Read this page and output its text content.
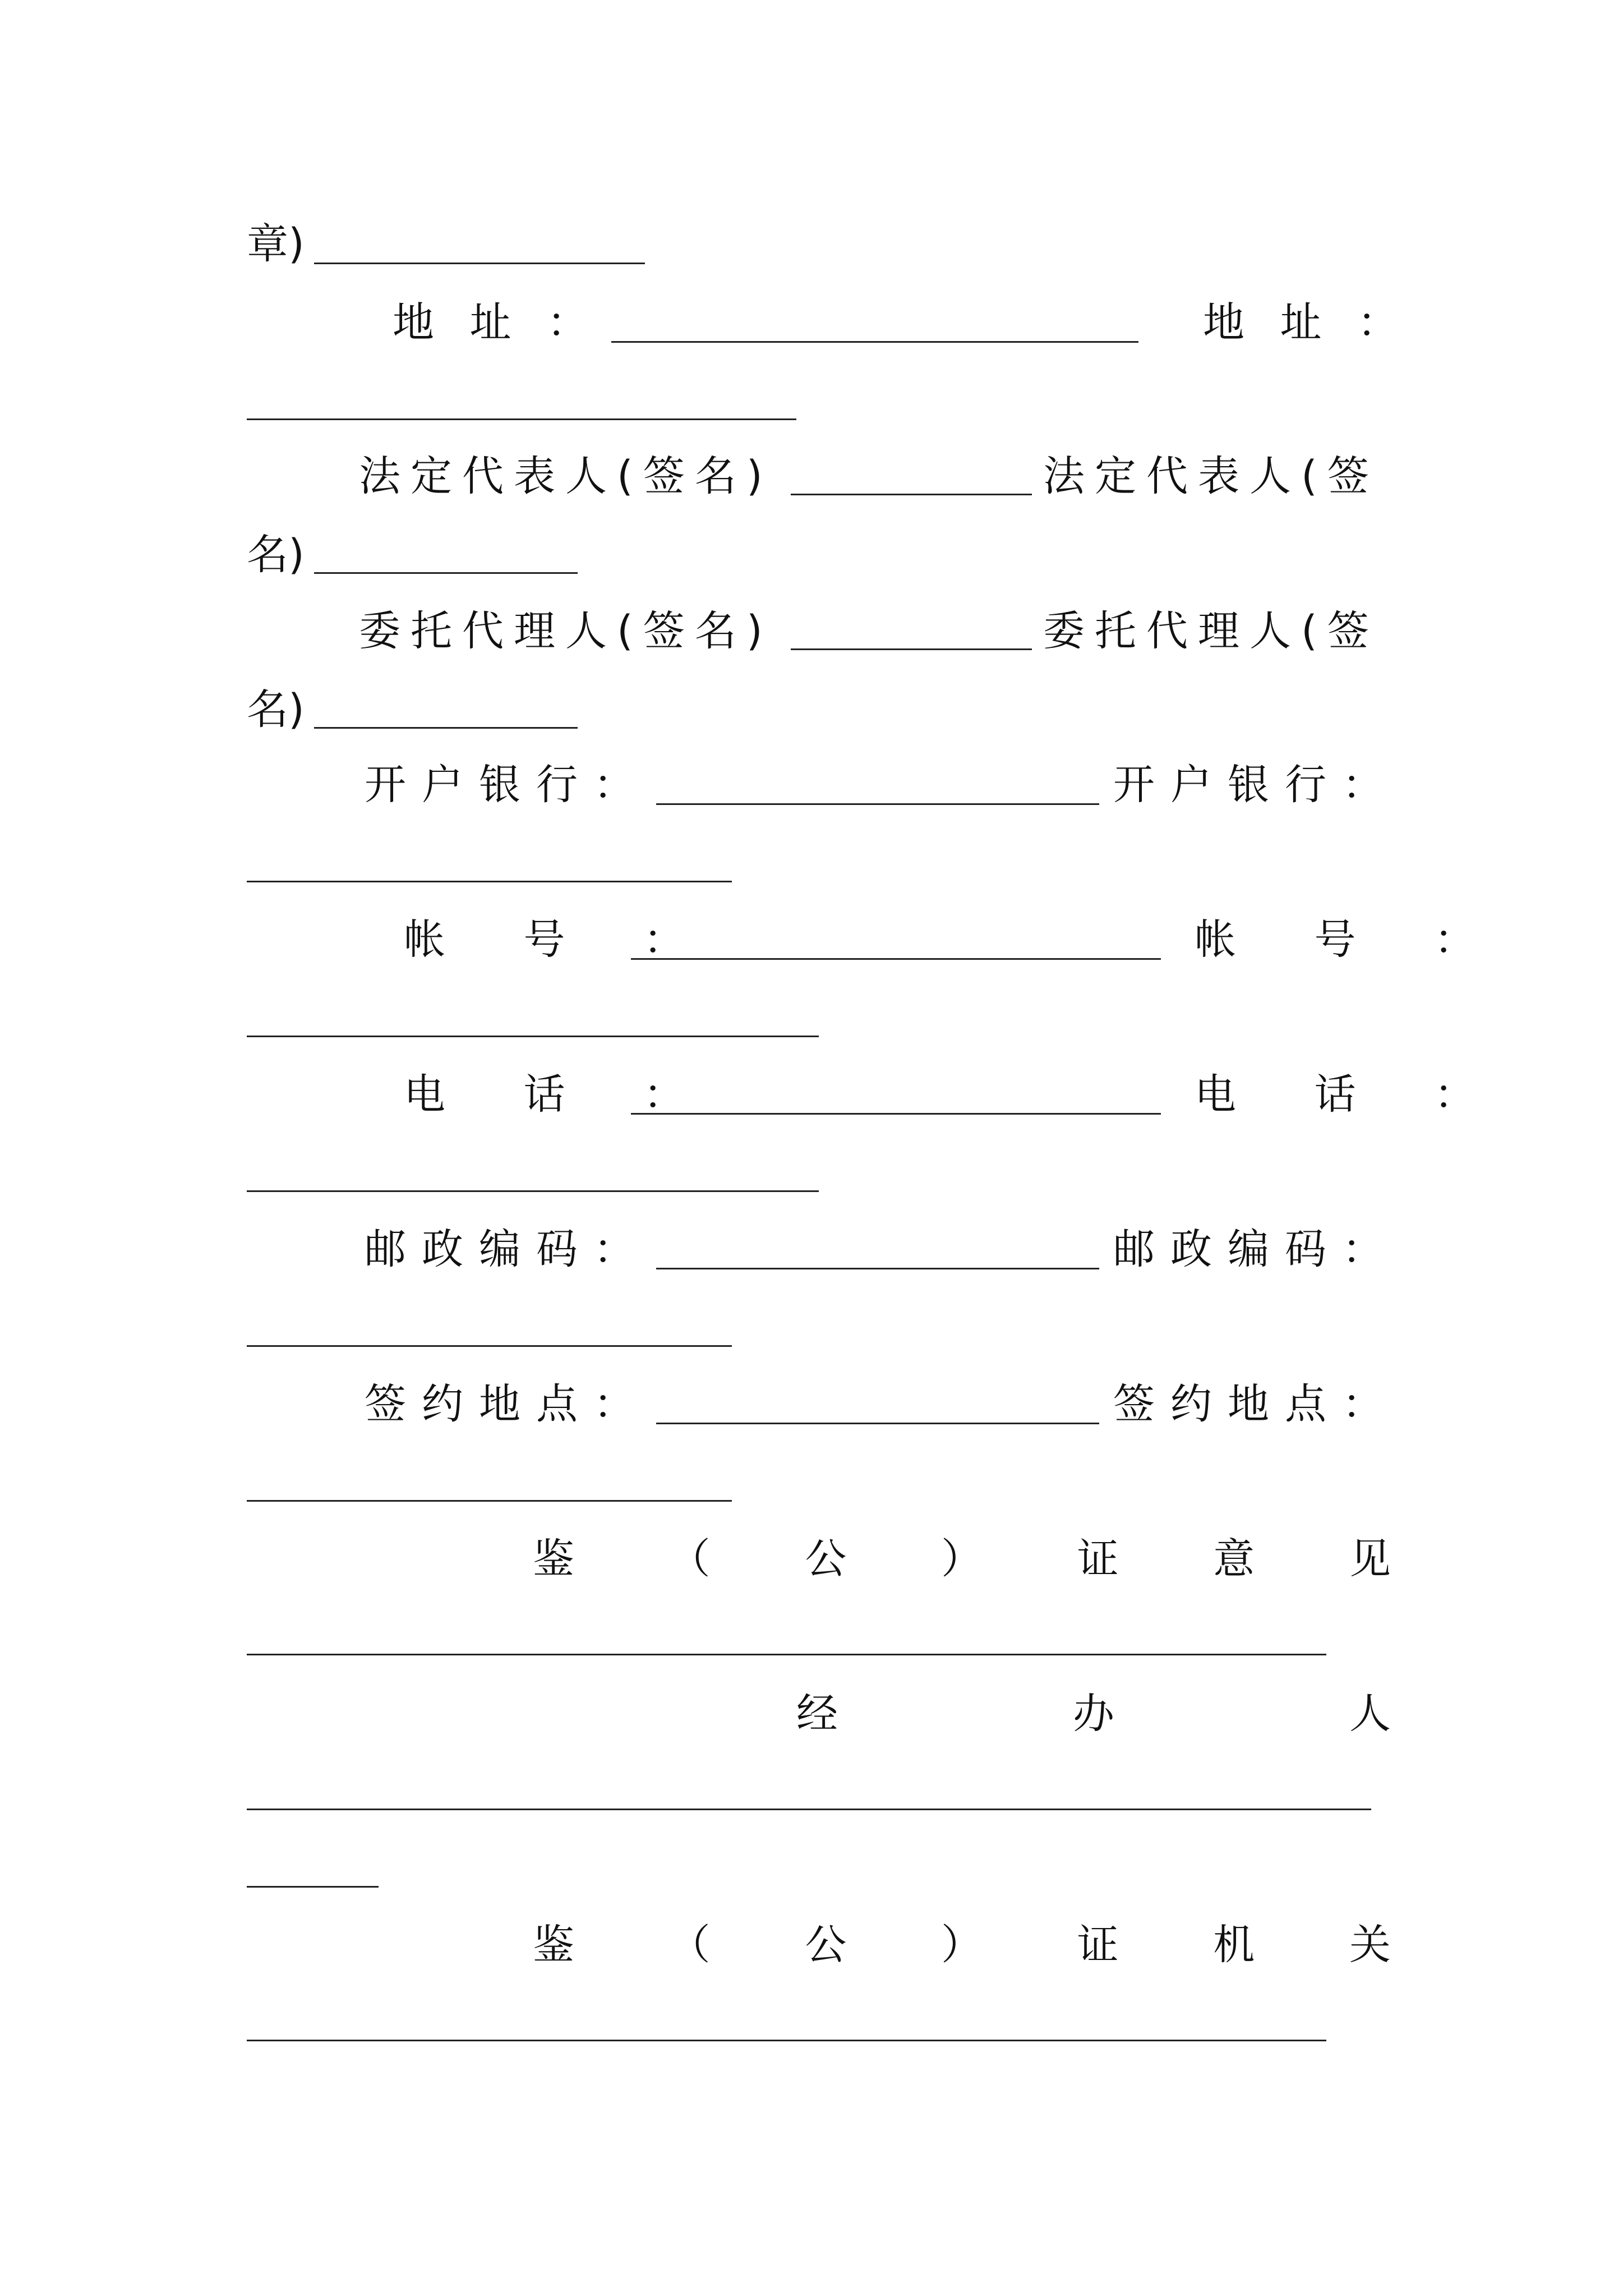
章)
地 址 ：	地 址 ：
法定代表人(签名)	法定代表人(签
名)
委托代理人(签名)	委托代理人(签
名)
开户银行：	开户银行：
帐 号 ：	帐 号 ：
电 话 ：	电 话 ：
邮政编码：	邮政编码：
签约地点：	签约地点：
鉴 （ 公 ） 证 意 见
经	办	人
鉴 （ 公 ） 证 机 关
